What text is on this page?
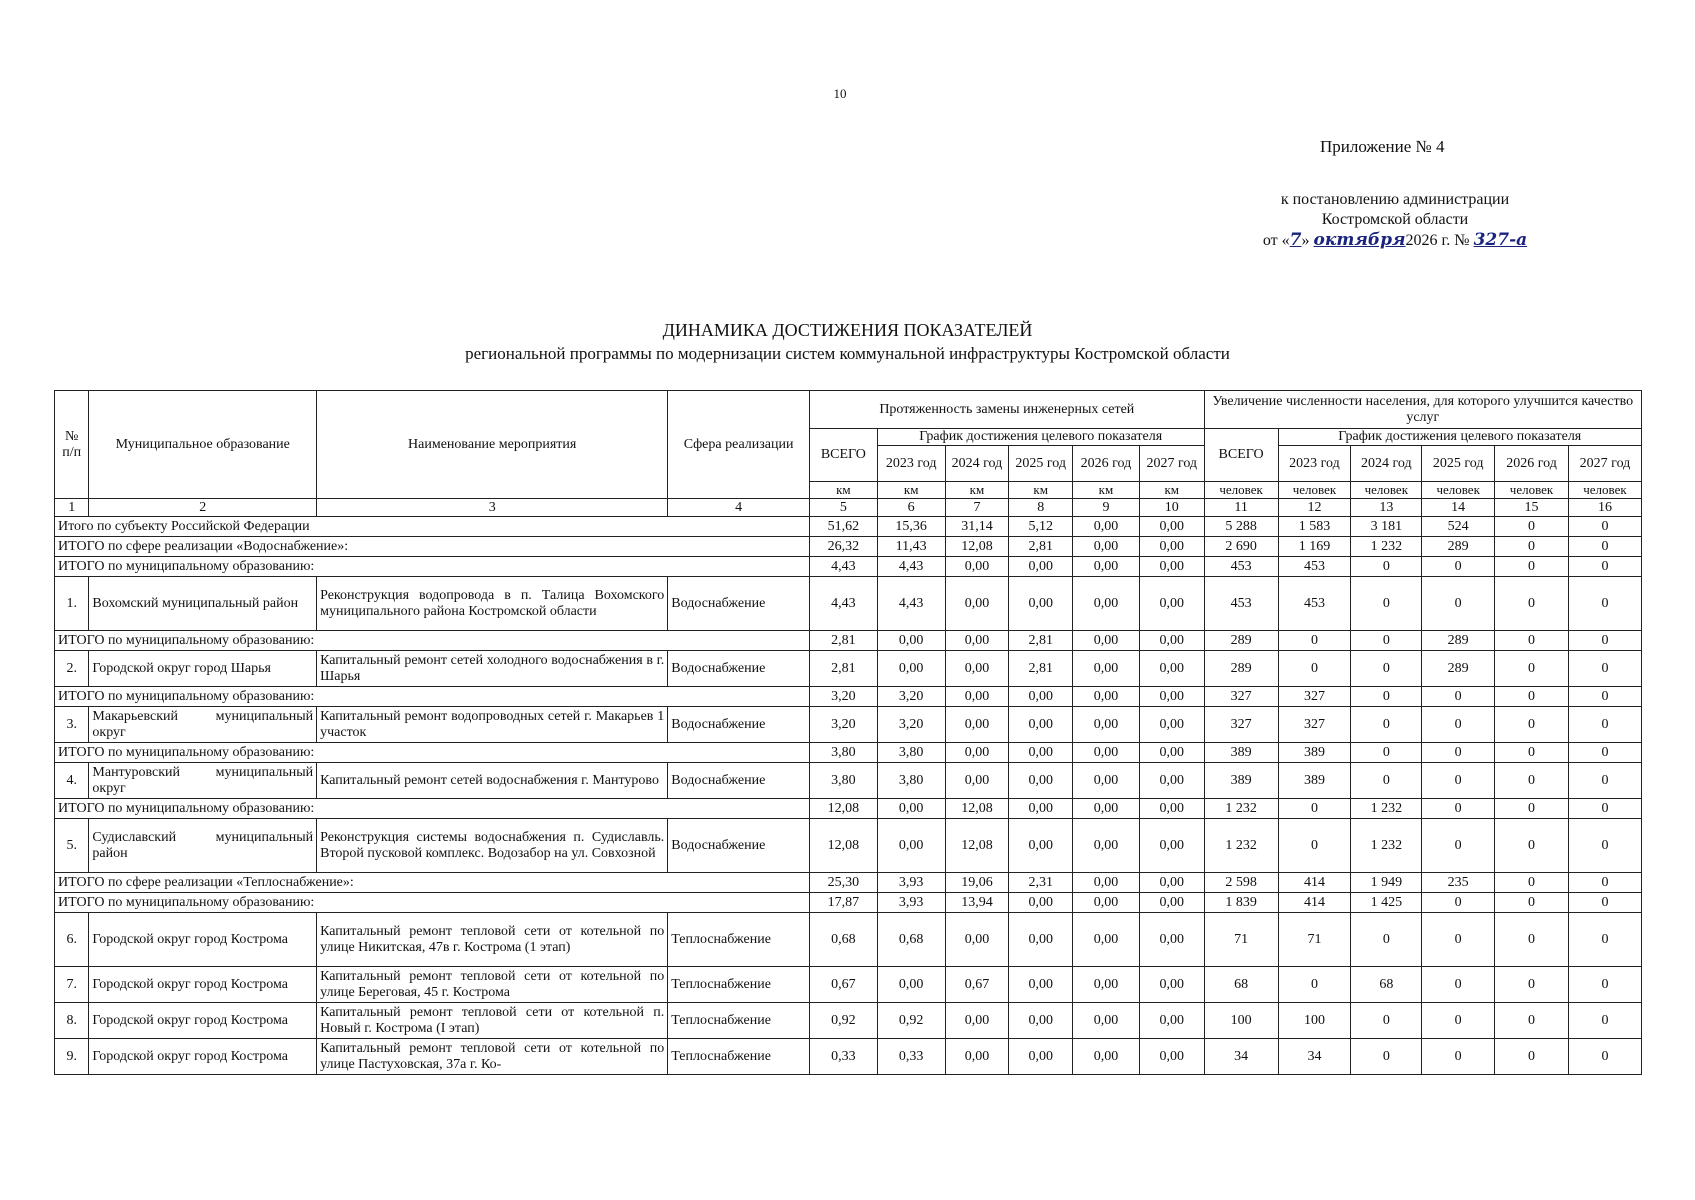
10
Приложение № 4
к постановлению администрации
Костромской области
от «7» октября2026 г. № 327-а
ДИНАМИКА ДОСТИЖЕНИЯ ПОКАЗАТЕЛЕЙ
региональной программы по модернизации систем коммунальной инфраструктуры Костромской области
№ п/п	Муниципальное образование	Наименование мероприятия	Сфера реализации	Протяженность замены инженерных сетей						Увеличение численности населения, для которого улучшится качество услуг					
				ВСЕГО	График достижения целевого показателя					ВСЕГО	График достижения целевого показателя				
					2023 год	2024 год	2025 год	2026 год	2027 год		2023 год	2024 год	2025 год	2026 год	2027 год
				км	км	км	км	км	км	человек	человек	человек	человек	человек	человек
1	2	3	4	5	6	7	8	9	10	11	12	13	14	15	16
Итого по субъекту Российской Федерации				51,62	15,36	31,14	5,12	0,00	0,00	5 288	1 583	3 181	524	0	0
ИТОГО по сфере реализации «Водоснабжение»:				26,32	11,43	12,08	2,81	0,00	0,00	2 690	1 169	1 232	289	0	0
ИТОГО по муниципальному образованию:				4,43	4,43	0,00	0,00	0,00	0,00	453	453	0	0	0	0
1.	Вохомский муниципальный район	Реконструкция водопровода в п. Талица Вохомского муниципального района Костромской области	Водоснабжение	4,43	4,43	0,00	0,00	0,00	0,00	453	453	0	0	0	0
ИТОГО по муниципальному образованию:				2,81	0,00	0,00	2,81	0,00	0,00	289	0	0	289	0	0
2.	Городской округ город Шарья	Капитальный ремонт сетей холодного водоснабжения в г. Шарья	Водоснабжение	2,81	0,00	0,00	2,81	0,00	0,00	289	0	0	289	0	0
ИТОГО по муниципальному образованию:				3,20	3,20	0,00	0,00	0,00	0,00	327	327	0	0	0	0
3.	Макарьевский муниципальный округ	Капитальный ремонт водопроводных сетей г. Макарьев 1 участок	Водоснабжение	3,20	3,20	0,00	0,00	0,00	0,00	327	327	0	0	0	0
ИТОГО по муниципальному образованию:				3,80	3,80	0,00	0,00	0,00	0,00	389	389	0	0	0	0
4.	Мантуровский муниципальный округ	Капитальный ремонт сетей водоснабжения г. Мантурово	Водоснабжение	3,80	3,80	0,00	0,00	0,00	0,00	389	389	0	0	0	0
ИТОГО по муниципальному образованию:				12,08	0,00	12,08	0,00	0,00	0,00	1 232	0	1 232	0	0	0
5.	Судиславский муниципальный район	Реконструкция системы водоснабжения п. Судиславль. Второй пусковой комплекс. Водозабор на ул. Совхозной	Водоснабжение	12,08	0,00	12,08	0,00	0,00	0,00	1 232	0	1 232	0	0	0
ИТОГО по сфере реализации «Теплоснабжение»:				25,30	3,93	19,06	2,31	0,00	0,00	2 598	414	1 949	235	0	0
ИТОГО по муниципальному образованию:				17,87	3,93	13,94	0,00	0,00	0,00	1 839	414	1 425	0	0	0
6.	Городской округ город Кострома	Капитальный ремонт тепловой сети от котельной по улице Никитская, 47в г. Кострома (1 этап)	Теплоснабжение	0,68	0,68	0,00	0,00	0,00	0,00	71	71	0	0	0	0
7.	Городской округ город Кострома	Капитальный ремонт тепловой сети от котельной по улице Береговая, 45 г. Кострома	Теплоснабжение	0,67	0,00	0,67	0,00	0,00	0,00	68	0	68	0	0	0
8.	Городской округ город Кострома	Капитальный ремонт тепловой сети от котельной п. Новый г. Кострома (I этап)	Теплоснабжение	0,92	0,92	0,00	0,00	0,00	0,00	100	100	0	0	0	0
9.	Городской округ город Кострома	Капитальный ремонт тепловой сети от котельной по улице Пастуховская, 37а г. Ко-	Теплоснабжение	0,33	0,33	0,00	0,00	0,00	0,00	34	34	0	0	0	0
